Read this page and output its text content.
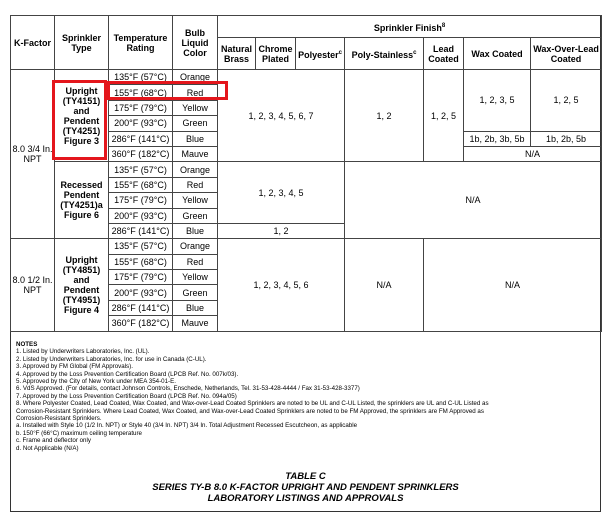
K-Factor	Sprinkler Type	Temperature Rating	Bulb Liquid Color	Sprinkler Finish$^8$
				Natural Brass	Chrome Plated	Polyester$^c$	Poly-Stainless$^c$	Lead Coated	Wax Coated	Wax-Over-Lead Coated
8.0 3/4 In. NPT	Upright (TY4151) and Pendent (TY4251) Figure 3	135°F (57°C)	Orange	1, 2, 3, 4, 5, 6, 7			1, 2	1, 2, 5	1, 2, 3, 5	1, 2, 5
		155°F (68°C)	Red							
		175°F (79°C)	Yellow							
		200°F (93°C)	Green							
		286°F (141°C)	Blue						1b, 2b, 3b, 5b	1b, 2b, 5b
		360°F (182°C)	Mauve						N/A	
	Recessed Pendent (TY4251)a Figure 6	135°F (57°C)	Orange	1, 2, 3, 4, 5			N/A			
		155°F (68°C)	Red							
		175°F (79°C)	Yellow							
		200°F (93°C)	Green							
		286°F (141°C)	Blue	1, 2						
8.0 1/2 In. NPT	Upright (TY4851) and Pendent (TY4951) Figure 4	135°F (57°C)	Orange	1, 2, 3, 4, 5, 6			N/A	N/A		
		155°F (68°C)	Red							
		175°F (79°C)	Yellow							
		200°F (93°C)	Green							
		286°F (141°C)	Blue							
		360°F (182°C)	Mauve							
NOTES
1. Listed by Underwriters Laboratories, Inc. (UL).
2. Listed by Underwriters Laboratories, Inc. for use in Canada (C-UL).
3. Approved by FM Global (FM Approvals).
4. Approved by the Loss Prevention Certification Board (LPCB Ref. No. 007k/03).
5. Approved by the City of New York under MEA 354-01-E.
6. VdS Approved. (For details, contact Johnson Controls, Enschede, Netherlands, Tel. 31-53-428-4444 / Fax 31-53-428-3377)
7. Approved by the Loss Prevention Certification Board (LPCB Ref. No. 094a/05)
8. Where Polyester Coated, Lead Coated, Wax Coated, and Wax-over-Lead Coated Sprinklers are noted to be UL and C-UL Listed, the sprinklers are UL and C-UL Listed as
Corrosion-Resistant Sprinklers. Where Lead Coated, Wax Coated, and Wax-over-Lead Coated Sprinklers are noted to be FM Approved, the sprinklers are FM Approved as
Corrosion-Resistant Sprinklers.
a. Installed with Style 10 (1/2 In. NPT) or Style 40 (3/4 In. NPT) 3/4 In. Total Adjustment Recessed Escutcheon, as applicable
b. 150°F (66°C) maximum ceiling temperature
c. Frame and deflector only
d. Not Applicable (N/A)
TABLE C
SERIES TY-B 8.0 K-FACTOR UPRIGHT AND PENDENT SPRINKLERS
LABORATORY LISTINGS AND APPROVALS
